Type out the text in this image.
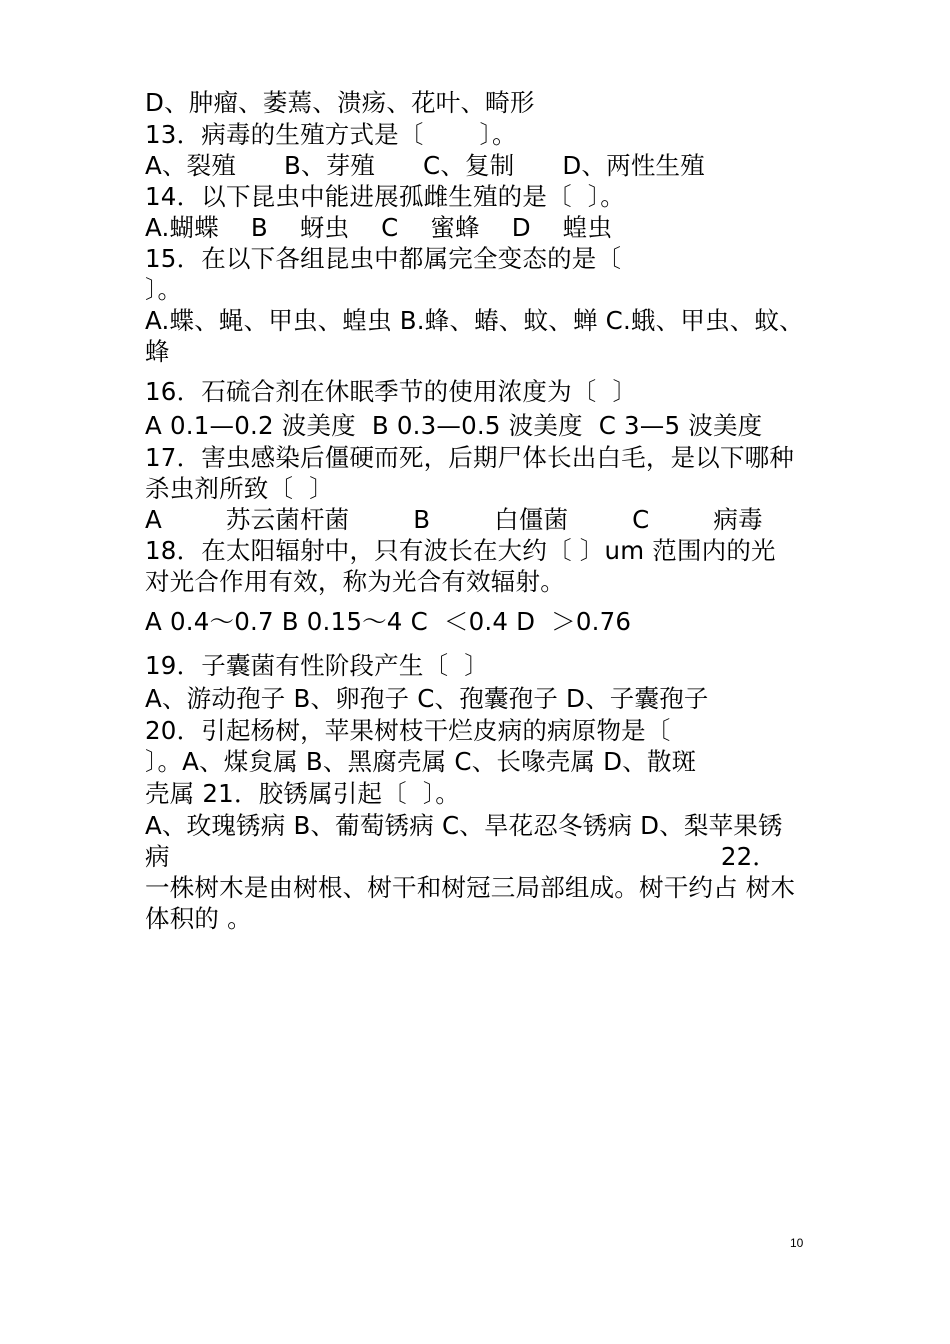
D、肿瘤、萎蔫、溃疡、花叶、畸形
13．病毒的生殖方式是〔       〕。
A、裂殖      B、芽殖      C、复制      D、两性生殖
14．以下昆虫中能进展孤雌生殖的是〔  〕。
A.蝴蝶    B    蚜虫    C    蜜蜂    D    蝗虫
15．在以下各组昆虫中都属完全变态的是〔
〕。
A.蝶、蝇、甲虫、蝗虫 B.蜂、蝽、蚊、蝉 C.蛾、甲虫、蚊、
蜂
16．石硫合剂在休眠季节的使用浓度为〔  〕
A 0.1—0.2 波美度  B 0.3—0.5 波美度  C 3—5 波美度
17．害虫感染后僵硬而死，后期尸体长出白毛，是以下哪种
杀虫剂所致〔  〕
A        苏云菌杆菌        B        白僵菌        C        病毒
18．在太阳辐射中，只有波长在大约〔 〕um 范围内的光
对光合作用有效，称为光合有效辐射。
A 0.4～0.7 B 0.15～4 C  ＜0.4 D  ＞0.76
19．子囊菌有性阶段产生〔  〕
A、游动孢子 B、卵孢子 C、孢囊孢子 D、子囊孢子
20．引起杨树，苹果树枝干烂皮病的病原物是〔
〕。A、煤炱属 B、黑腐壳属 C、长喙壳属 D、散斑
壳属 21．胶锈属引起〔  〕。
A、玫瑰锈病 B、葡萄锈病 C、旱花忍冬锈病 D、梨苹果锈
病                                                                     22．
一株树木是由树根、树干和树冠三局部组成。树干约占 树木
体积的 。
10
